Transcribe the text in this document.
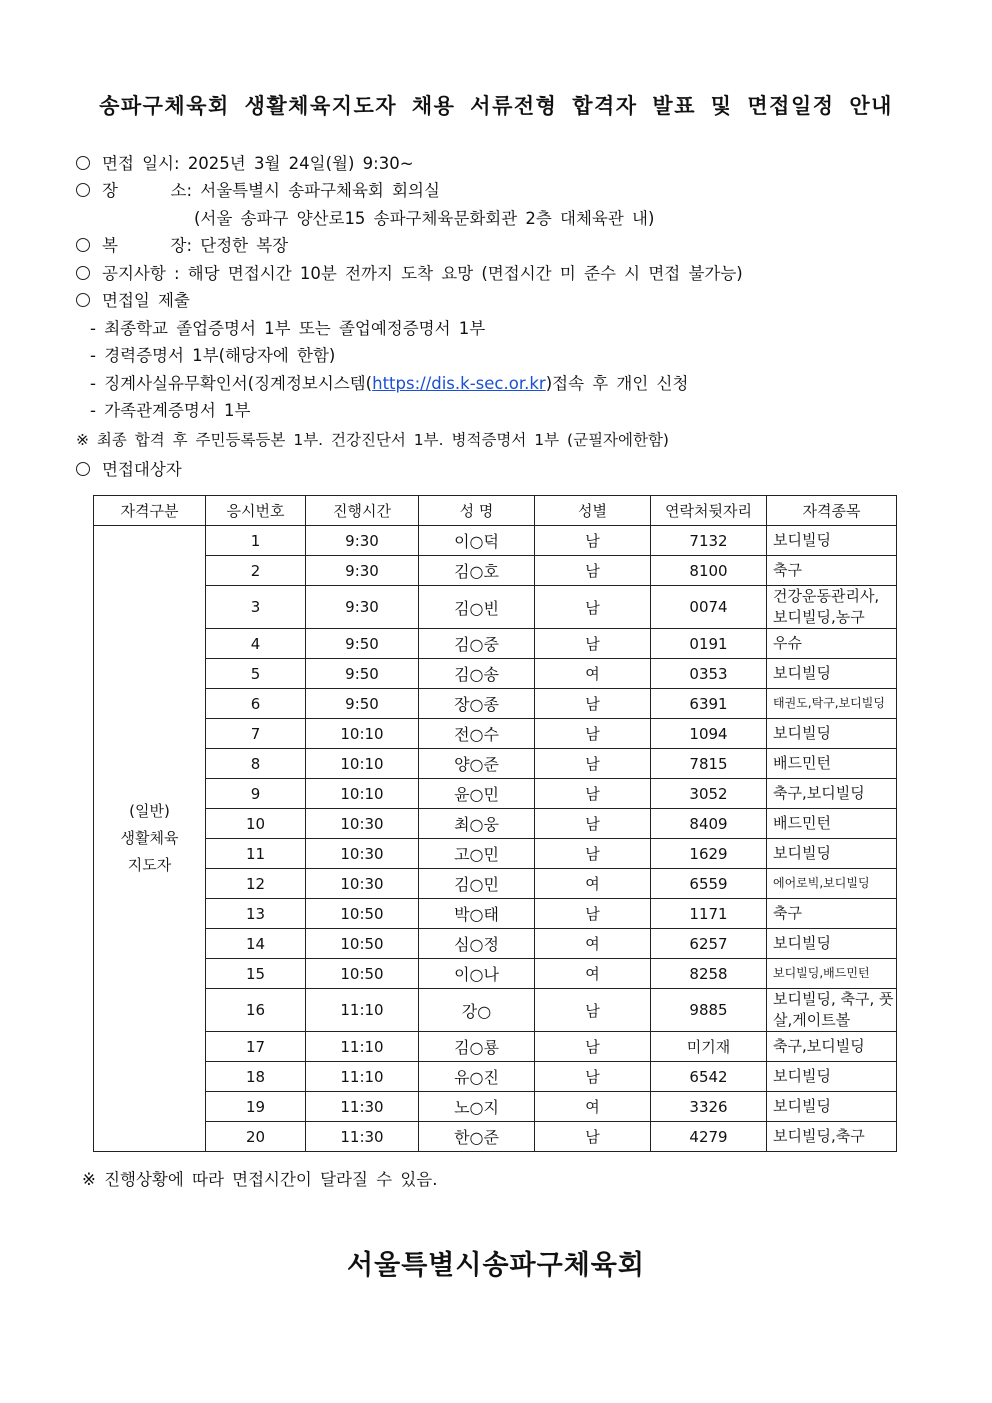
송파구체육회 생활체육지도자 채용 서류전형 합격자 발표 및 면접일정 안내
면접 일시: 2025년 3월 24일(월) 9:30~
장	소: 서울특별시 송파구체육회 회의실
(서울 송파구 양산로15 송파구체육문화회관 2층 대체육관 내)
복	장: 단정한 복장
공지사항 : 해당 면접시간 10분 전까지 도착 요망 (면접시간 미 준수 시 면접 불가능)
면접일 제출
- 최종학교 졸업증명서 1부 또는 졸업예정증명서 1부
- 경력증명서 1부(해당자에 한함)
- 징계사실유무확인서(징계정보시스템(https://dis.k-sec.or.kr)접속 후 개인 신청
- 가족관계증명서 1부
※ 최종 합격 후 주민등록등본 1부. 건강진단서 1부. 병적증명서 1부 (군필자에한함)
면접대상자
자격구분	응시번호	진행시간	성 명	성별	연락처뒷자리	자격종목

(일반)
생활체육
지도자	1	9:30	이○덕	남	7132	보디빌딩
	2	9:30	김○호	남	8100	축구
	3	9:30	김○빈	남	0074	건강운동관리사, 보디빌딩,농구
	4	9:50	김○중	남	0191	우슈
	5	9:50	김○송	여	0353	보디빌딩
	6	9:50	장○종	남	6391	태권도,탁구,보디빌딩
	7	10:10	전○수	남	1094	보디빌딩
	8	10:10	양○준	남	7815	배드민턴
	9	10:10	윤○민	남	3052	축구,보디빌딩
	10	10:30	최○웅	남	8409	배드민턴
	11	10:30	고○민	남	1629	보디빌딩
	12	10:30	김○민	여	6559	에어로빅,보디빌딩
	13	10:50	박○태	남	1171	축구
	14	10:50	심○정	여	6257	보디빌딩
	15	10:50	이○나	여	8258	보디빌딩,배드민턴
	16	11:10	강○	남	9885	보디빌딩, 축구, 풋살,게이트볼
	17	11:10	김○룡	남	미기재	축구,보디빌딩
	18	11:10	유○진	남	6542	보디빌딩
	19	11:30	노○지	여	3326	보디빌딩
	20	11:30	한○준	남	4279	보디빌딩,축구
※ 진행상황에 따라 면접시간이 달라질 수 있음.
서울특별시송파구체육회
